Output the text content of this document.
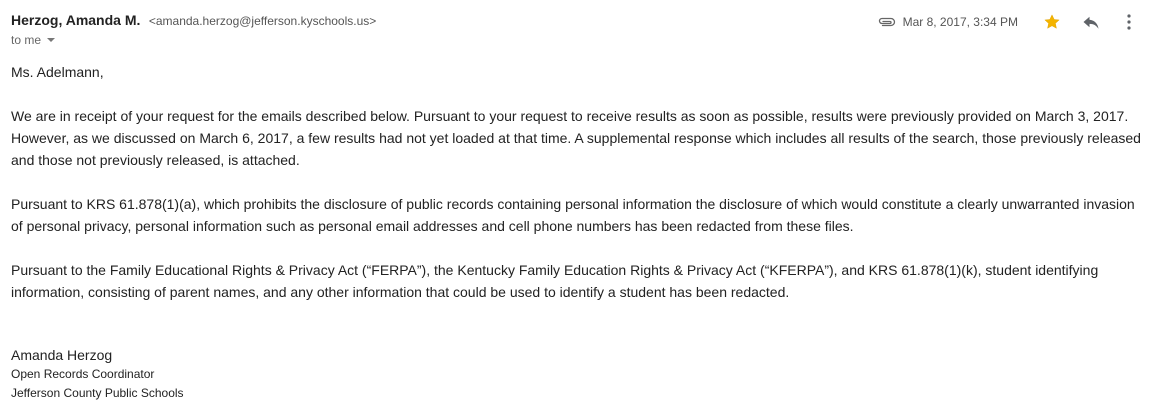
Herzog, Amanda M. <amanda.herzog@jefferson.kyschools.us>
to me
Mar 8, 2017, 3:34 PM

Ms. Adelmann,

We are in receipt of your request for the emails described below. Pursuant to your request to receive results as soon as possible, results were previously provided on March 3, 2017. However, as we discussed on March 6, 2017, a few results had not yet loaded at that time. A supplemental response which includes all results of the search, those previously released and those not previously released, is attached.

Pursuant to KRS 61.878(1)(a), which prohibits the disclosure of public records containing personal information the disclosure of which would constitute a clearly unwarranted invasion of personal privacy, personal information such as personal email addresses and cell phone numbers has been redacted from these files.

Pursuant to the Family Educational Rights & Privacy Act (“FERPA”), the Kentucky Family Education Rights & Privacy Act (“KFERPA”), and KRS 61.878(1)(k), student identifying information, consisting of parent names, and any other information that could be used to identify a student has been redacted.

Amanda Herzog
Open Records Coordinator
Jefferson County Public Schools
